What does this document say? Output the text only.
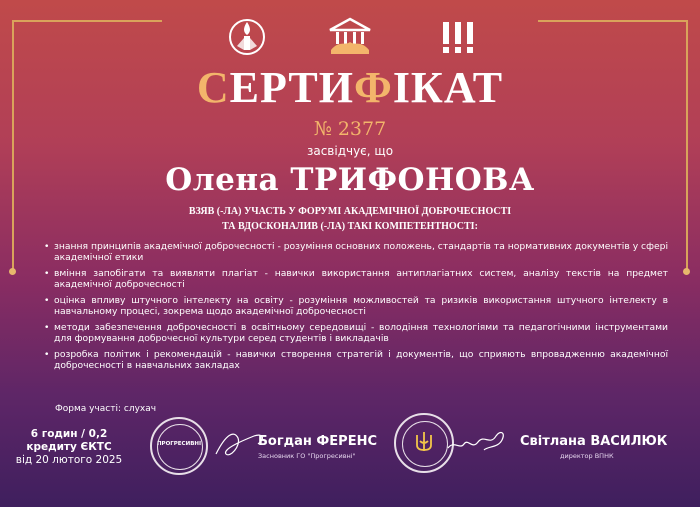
СЕРТИФІКАТ
№ 2377
засвідчує, що
Олена ТРИФОНОВА
ВЗЯВ (-ЛА) УЧАСТЬ У ФОРУМІ АКАДЕМІЧНОЇ ДОБРОЧЕСНОСТІ
ТА ВДОСКОНАЛИВ (-ЛА) ТАКІ КОМПЕТЕНТНОСТІ:
• знання принципів академічної доброчесності - розуміння основних положень, стандартів та нормативних документів у сфері академічної етики
• вміння запобігати та виявляти плагіат - навички використання антиплагіатних систем, аналізу текстів на предмет академічної доброчесності
• оцінка впливу штучного інтелекту на освіту - розуміння можливостей та ризиків використання штучного інтелекту в навчальному процесі, зокрема щодо академічної доброчесності
• методи забезпечення доброчесності в освітньому середовищі - володіння технологіями та педагогічними інструментами для формування доброчесної культури серед студентів і викладачів
• розробка політик і рекомендацій - навички створення стратегій і документів, що сприяють впровадженню академічної доброчесності в навчальних закладах
Форма участі: слухач
6 годин / 0,2
кредиту ЄКТС
від 20 лютого 2025
ПРОГРЕСИВНІ	Богдан ФЕРЕНС
Засновник ГО "Прогресивні"
Світлана ВАСИЛЮК
директор ВПНК
